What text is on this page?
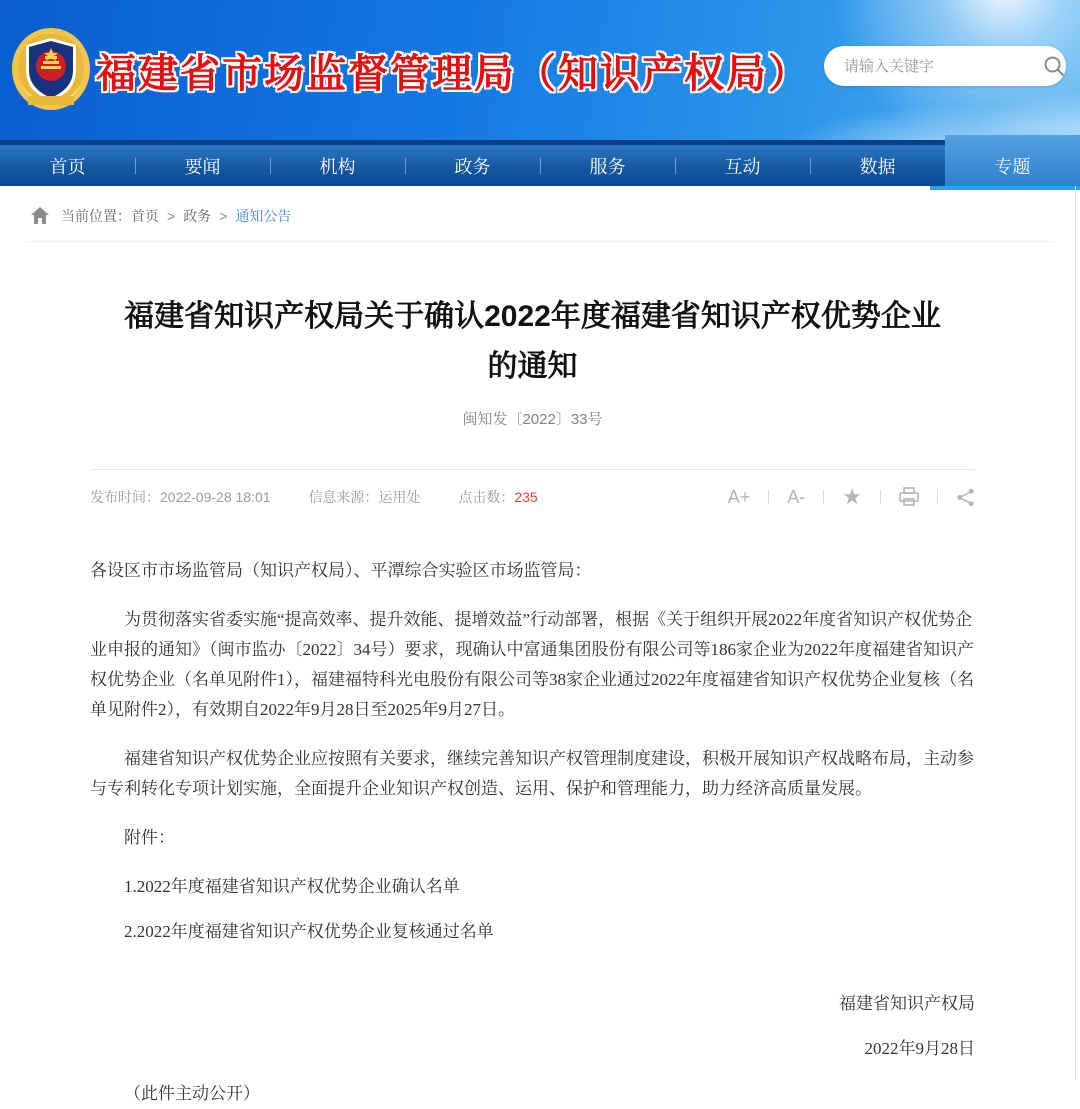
福建省市场监督管理局（知识产权局）
请输入关键字
首页	要闻	机构	政务	服务	互动	数据	专题
当前位置： 首页 > 政务 > 通知公告
福建省知识产权局关于确认2022年度福建省知识产权优势企业的通知
闽知发〔2022〕33号
发布时间：2022-09-28 18:01	信息来源：运用处	点击数：235	A+ A- ★

各设区市市场监管局（知识产权局）、平潭综合实验区市场监管局：

为贯彻落实省委实施“提高效率、提升效能、提增效益”行动部署，根据《关于组织开展2022年度省知识产权优势企业申报的通知》（闽市监办〔2022〕34号）要求，现确认中富通集团股份有限公司等186家企业为2022年度福建省知识产权优势企业（名单见附件1），福建福特科光电股份有限公司等38家企业通过2022年度福建省知识产权优势企业复核（名单见附件2），有效期自2022年9月28日至2025年9月27日。

福建省知识产权优势企业应按照有关要求，继续完善知识产权管理制度建设，积极开展知识产权战略布局，主动参与专利转化专项计划实施，全面提升企业知识产权创造、运用、保护和管理能力，助力经济高质量发展。

附件：

1.2022年度福建省知识产权优势企业确认名单

2.2022年度福建省知识产权优势企业复核通过名单

福建省知识产权局

2022年9月28日

（此件主动公开）
